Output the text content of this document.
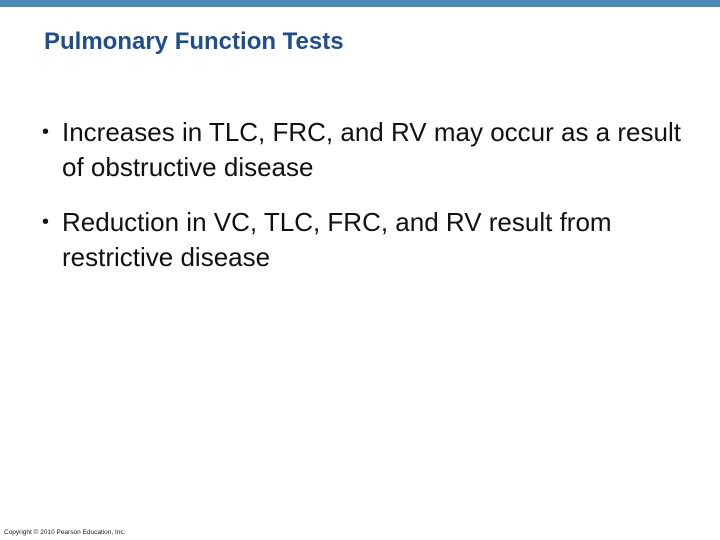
Pulmonary Function Tests
• Increases in TLC, FRC, and RV may occur as a result of obstructive disease
• Reduction in VC, TLC, FRC, and RV result from restrictive disease
Copyright © 2010 Pearson Education, Inc.
